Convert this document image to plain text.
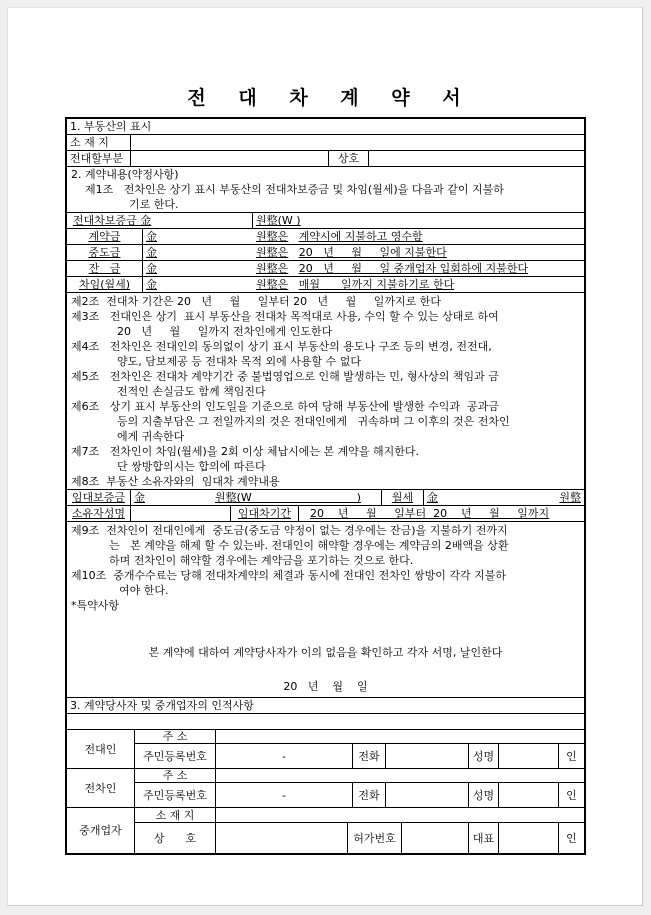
전 대 차 계 약 서
1. 부동산의 표시
소 재 지
전대할부분	상호
2. 계약내용(약정사항)
제1조   전차인은 상기 표시 부동산의 전대차보증금 및 차임(월세)을 다음과 같이 지불하
기로 한다.
전대차보증금 金	원整(W )
계약금	金	원整은 계약시에 지불하고 영수함
중도금	金	원整은 20   년     월     일에 지불한다
잔   금	金	원整은 20   년     월     일 중개업자 입회하에 지불한다
차임(월세)	金	원整은 매월      일까지 지불하기로 한다
제2조  전대차 기간은 20   년     월     일부터 20   년     월     일까지로 한다
제3조   전대인은 상기  표시 부동산을 전대차 목적대로 사용, 수익 할 수 있는 상태로 하여
20   년     월     일까지 전차인에게 인도한다
제4조   전차인은 전대인의 동의없이 상기 표시 부동산의 용도나 구조 등의 변경, 전전대,
양도, 담보제공 등 전대차 목적 외에 사용할 수 없다
제5조   전차인은 전대차 계약기간 중 불법영업으로 인해 발생하는 민, 형사상의 책임과 금
전적인 손실금도 함께 책임진다
제6조   상기 표시 부동산의 인도일을 기준으로 하여 당해 부동산에 발생한 수익과  공과금
등의 지출부담은 그 전일까지의 것은 전대인에게   귀속하며 그 이후의 것은 전차인
에게 귀속한다
제7조   전차인이 차임(월세)을 2회 이상 체납시에는 본 계약을 해지한다.
단 쌍방합의시는 합의에 따른다
제8조  부동산 소유자와의  임대차 계약내용
임대보증금 金	원整(W                              )	월세	金	원整
소유자성명	임대차기간	20    년     월     일부터  20    년     월     일까지
제9조  전차인이 전대인에게  중도금(중도금 약정이 없는 경우에는 잔금)을 지불하기 전까지
는   본 계약을 해제 할 수 있는바. 전대인이 해약할 경우에는 계약금의 2배액을 상환
하며 전차인이 해약할 경우에는 계약금을 포기하는 것으로 한다.
제10조  중개수수료는 당해 전대차계약의 체결과 동시에 전대인 전차인 쌍방이 각각 지불하
여야 한다.
*특약사항
본 계약에 대하여 계약당사자가 이의 없음을 확인하고 각자 서명, 날인한다
20   년    월    일
3. 계약당사자 및 중개업자의 인적사항
전대인
주 소
주민등록번호	-	전화	성명	인
전차인
주 소
주민등록번호	-	전화	성명	인
중개업자
소 재 지
상      호	허가번호	대표	인
